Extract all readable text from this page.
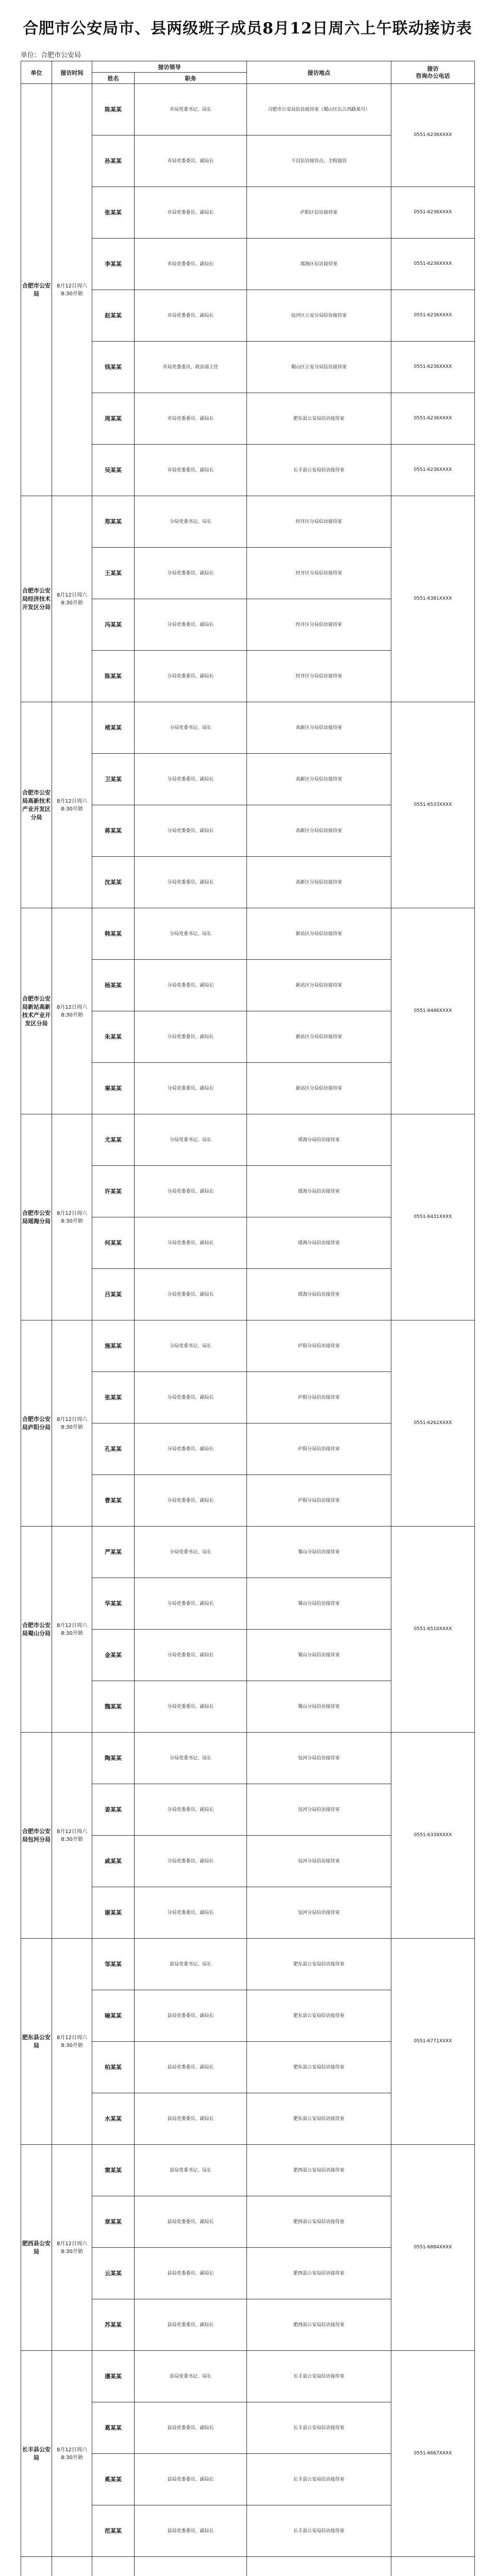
合肥市公安局市、县两级班子成员8月12日周六上午联动接访表
单位：合肥市公安局
单位	接访时间	接访领导		接访地点	接访
咨询办公电话
		姓名	职务		
合肥市公安局	8月12日周六8:30开始	陈某某	市局党委书记、局长	合肥市公安局信访接待室（蜀山区长江西路某号）	0551-6236XXXX
		孙某某	市局党委委员、副局长	下沉信访接待点，全程接待	
		张某某	市局党委委员、副局长	庐阳区信访接待室	0551-6236XXXX
		李某某	市局党委委员、副局长	瑶海区信访接待室	0551-6236XXXX
		赵某某	市局党委委员、副局长	包河区公安分局信访接待室	0551-6236XXXX
		钱某某	市局党委委员、政治部主任	蜀山区公安分局信访接待室	0551-6236XXXX
		周某某	市局党委委员、副局长	肥东县公安局信访接待室	0551-6236XXXX
		吴某某	市局党委委员、副局长	长丰县公安局信访接待室	0551-6236XXXX
合肥市公安局经济技术开发区分局	8月12日周六8:30开始	郑某某	分局党委书记、局长	经开区分局信访接待室	0551-6381XXXX
		王某某	分局党委委员、副局长	经开区分局信访接待室	
		冯某某	分局党委委员、副局长	经开区分局信访接待室	
		陈某某	分局党委委员、副局长	经开区分局信访接待室	
合肥市公安局高新技术产业开发区分局	8月12日周六8:30开始	褚某某	分局党委书记、局长	高新区分局信访接待室	0551-6533XXXX
		卫某某	分局党委委员、副局长	高新区分局信访接待室	
		蒋某某	分局党委委员、副局长	高新区分局信访接待室	
		沈某某	分局党委委员、副局长	高新区分局信访接待室	
合肥市公安局新站高新技术产业开发区分局	8月12日周六8:30开始	韩某某	分局党委书记、局长	新站区分局信访接待室	0551-6446XXXX
		杨某某	分局党委委员、副局长	新站区分局信访接待室	
		朱某某	分局党委委员、副局长	新站区分局信访接待室	
		秦某某	分局党委委员、副局长	新站区分局信访接待室	
合肥市公安局瑶海分局	8月12日周六8:30开始	尤某某	分局党委书记、局长	瑶海分局信访接待室	0551-6431XXXX
		许某某	分局党委委员、副局长	瑶海分局信访接待室	
		何某某	分局党委委员、副局长	瑶海分局信访接待室	
		吕某某	分局党委委员、副局长	瑶海分局信访接待室	
合肥市公安局庐阳分局	8月12日周六8:30开始	施某某	分局党委书记、局长	庐阳分局信访接待室	0551-6262XXXX
		张某某	分局党委委员、副局长	庐阳分局信访接待室	
		孔某某	分局党委委员、副局长	庐阳分局信访接待室	
		曹某某	分局党委委员、副局长	庐阳分局信访接待室	
合肥市公安局蜀山分局	8月12日周六8:30开始	严某某	分局党委书记、局长	蜀山分局信访接待室	0551-6510XXXX
		华某某	分局党委委员、副局长	蜀山分局信访接待室	
		金某某	分局党委委员、副局长	蜀山分局信访接待室	
		魏某某	分局党委委员、副局长	蜀山分局信访接待室	
合肥市公安局包河分局	8月12日周六8:30开始	陶某某	分局党委书记、局长	包河分局信访接待室	0551-6339XXXX
		姜某某	分局党委委员、副局长	包河分局信访接待室	
		戚某某	分局党委委员、副局长	包河分局信访接待室	
		谢某某	分局党委委员、副局长	包河分局信访接待室	
肥东县公安局	8月12日周六8:30开始	邹某某	县局党委书记、局长	肥东县公安局信访接待室	0551-6771XXXX
		喻某某	县局党委委员、副局长	肥东县公安局信访接待室	
		柏某某	县局党委委员、副局长	肥东县公安局信访接待室	
		水某某	县局党委委员、副局长	肥东县公安局信访接待室	
肥西县公安局	8月12日周六8:30开始	窦某某	县局党委书记、局长	肥西县公安局信访接待室	0551-6884XXXX
		章某某	县局党委委员、副局长	肥西县公安局信访接待室	
		云某某	县局党委委员、副局长	肥西县公安局信访接待室	
		苏某某	县局党委委员、副局长	肥西县公安局信访接待室	
长丰县公安局	8月12日周六8:30开始	潘某某	县局党委书记、局长	长丰县公安局信访接待室	0551-6667XXXX
		葛某某	县局党委委员、副局长	长丰县公安局信访接待室	
		奚某某	县局党委委员、副局长	长丰县公安局信访接待室	
		范某某	县局党委委员、副局长	长丰县公安局信访接待室	
